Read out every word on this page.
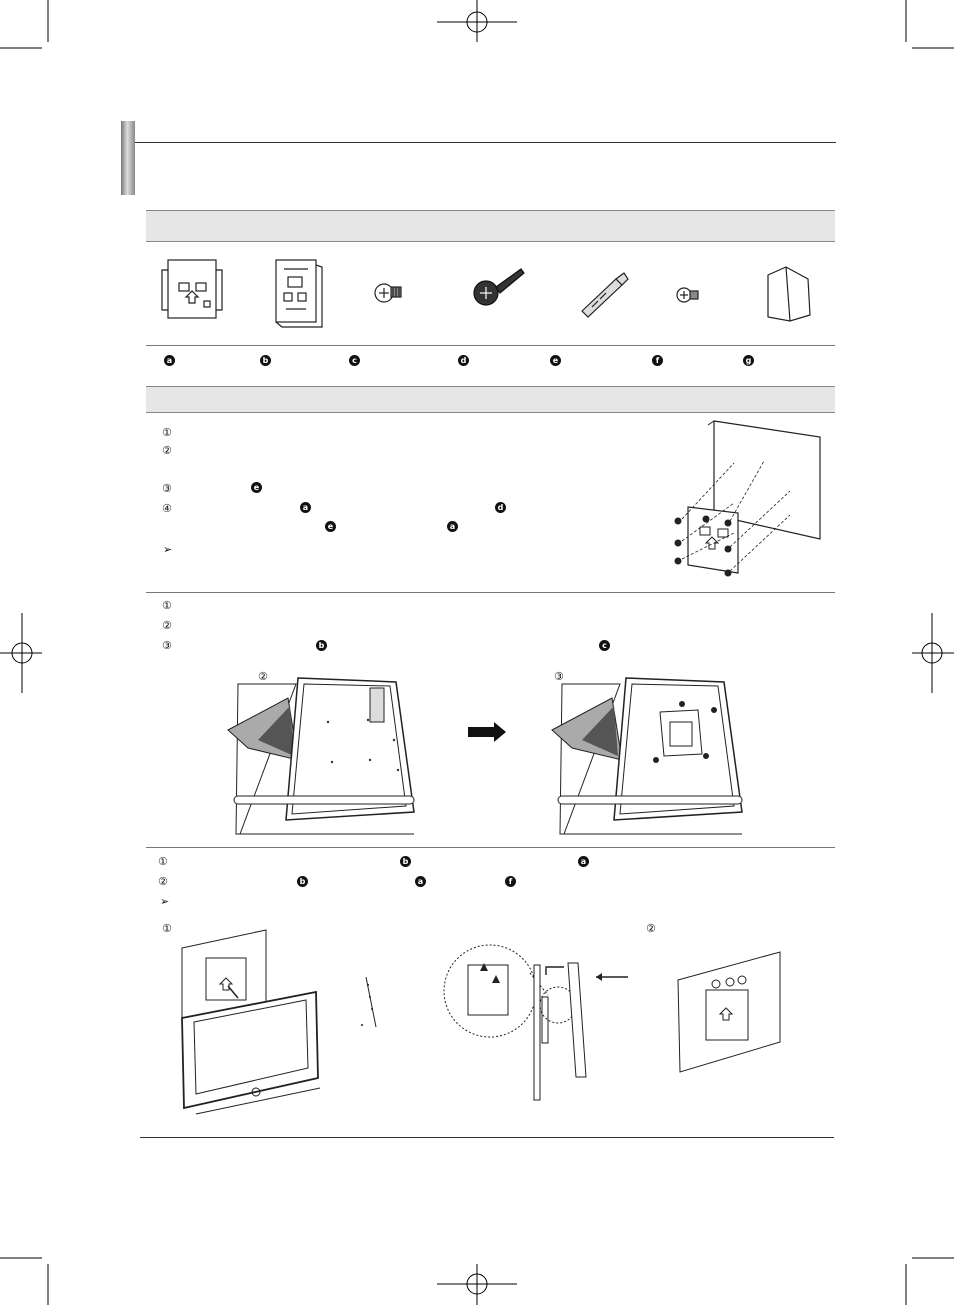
a	b	c	d	e	f	g
①
②
③	e
④	a	d
e	a
➢
①
②
③	b	c
②	③
①	b	a
②	b	a	f
➢
①	②
